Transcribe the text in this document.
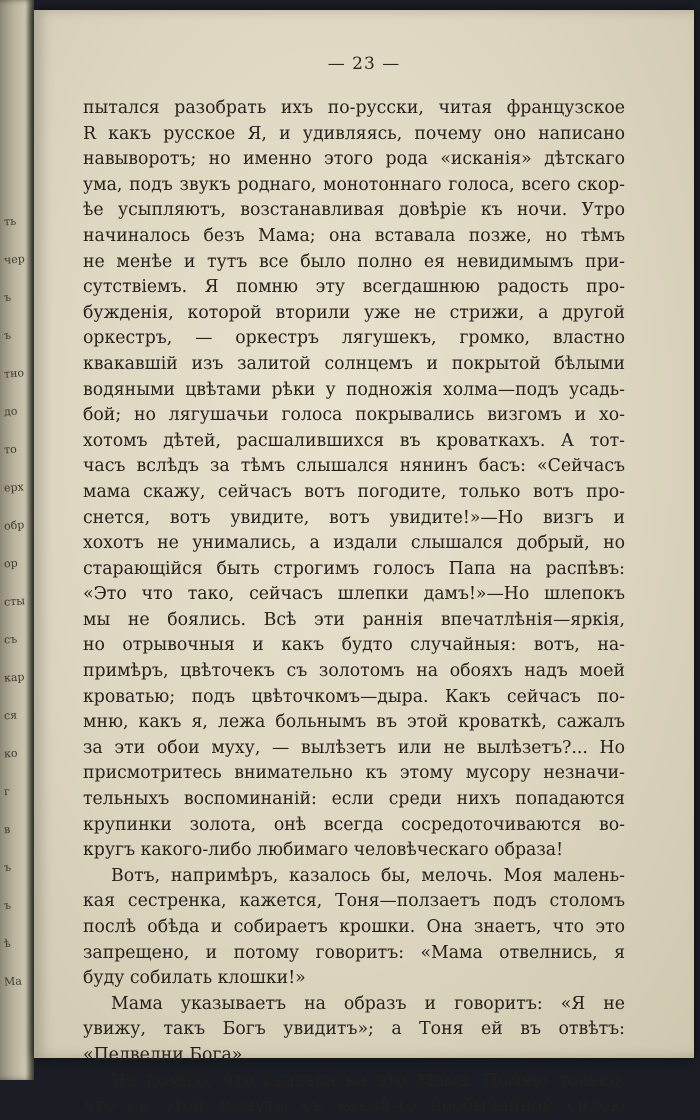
ть
чер
ъ
ъ
тно
до
то
ерх
обр
ор
сты
съ
кар
ся
ко
г
в
ъ
ъ
ѣ
Ма
— 23 —
пытался разобрать ихъ по-русски, читая французское
R какъ русское Я, и удивляясь, почему оно написано
навыворотъ; но именно этого рода «исканія» дѣтскаго
ума, подъ звукъ роднаго, монотоннаго голоса, всего скор-
ѣе усыпляютъ, возстанавливая довѣріе къ ночи. Утро
начиналось безъ Мама; она вставала позже, но тѣмъ
не менѣе и тутъ все было полно ея невидимымъ при-
сутствіемъ. Я помню эту всегдашнюю радость про-
бужденія, которой вторили уже не стрижи, а другой
оркестръ, — оркестръ лягушекъ, громко, властно
квакавшій изъ залитой солнцемъ и покрытой бѣлыми
водяными цвѣтами рѣки у подножія холма—подъ усадь-
бой; но лягушачьи голоса покрывались визгомъ и хо-
хотомъ дѣтей, расшалившихся въ кроваткахъ. А тот-
часъ вслѣдъ за тѣмъ слышался нянинъ басъ: «Сейчасъ
мама скажу, сейчасъ вотъ погодите, только вотъ про-
снется, вотъ увидите, вотъ увидите!»—Но визгъ и
хохотъ не унимались, а издали слышался добрый, но
старающійся быть строгимъ голосъ Папа на распѣвъ:
«Это что тако, сейчасъ шлепки дамъ!»—Но шлепокъ
мы не боялись. Всѣ эти раннія впечатлѣнія—яркія,
но отрывочныя и какъ будто случайныя: вотъ, на-
примѣръ, цвѣточекъ съ золотомъ на обояхъ надъ моей
кроватью; подъ цвѣточкомъ—дыра. Какъ сейчасъ по-
мню, какъ я, лежа больнымъ въ этой кроваткѣ, сажалъ
за эти обои муху, — вылѣзетъ или не вылѣзетъ?... Но
присмотритесь внимательно къ этому мусору незначи-
тельныхъ воспоминаній: если среди нихъ попадаются
крупинки золота, онѣ всегда сосредоточиваются во-
кругъ какого-либо любимаго человѣческаго образа!
Вотъ, напримѣръ, казалось бы, мелочь. Моя малень-
кая сестренка, кажется, Тоня—ползаетъ подъ столомъ
послѣ обѣда и собираетъ крошки. Она знаетъ, что это
запрещено, и потому говоритъ: «Мама отвелнись, я
буду собилать клошки!»
Мама указываетъ на образъ и говоритъ: «Я не
увижу, такъ Богъ увидитъ»; а Тоня ей въ отвѣтъ:
«Пелвелни Бога».
Не помню, что сказала на это Мама. Помню только,
что съ этой минуты съ какой-то необычайной силою
